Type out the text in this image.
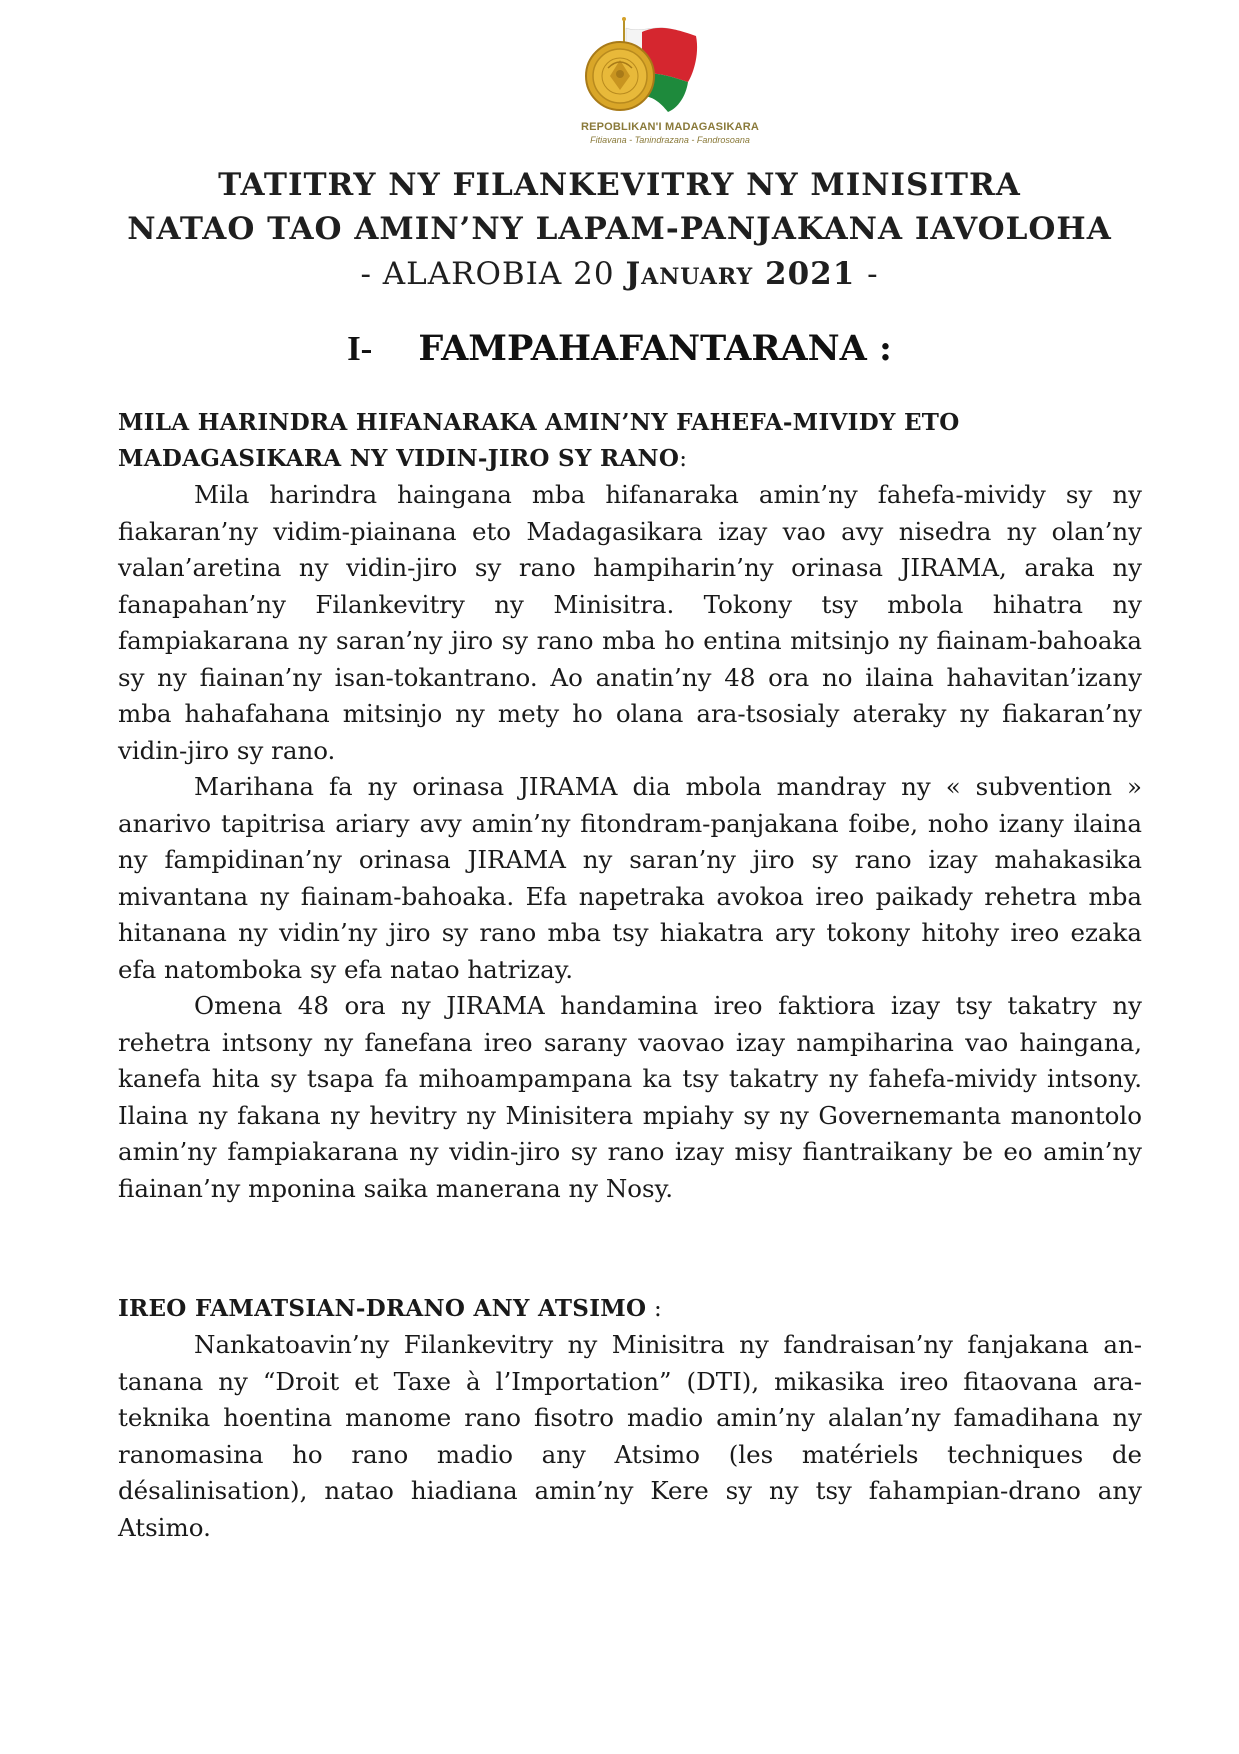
REPOBLIKAN'I MADAGASIKARA
Fitiavana - Tanindrazana - Fandrosoana
TATITRY NY FILANKEVITRY NY MINISITRA
NATAO TAO AMIN’NY LAPAM-PANJAKANA IAVOLOHA
- ALAROBIA 20 January 2021 -
I- FAMPAHAFANTARANA :

MILA HARINDRA HIFANARAKA AMIN’NY FAHEFA-MIVIDY ETO MADAGASIKARA NY VIDIN-JIRO SY RANO:

Mila harindra haingana mba hifanaraka amin’ny fahefa-mividy sy ny fiakaran’ny vidim-piainana eto Madagasikara izay vao avy nisedra ny olan’ny valan’aretina ny vidin-jiro sy rano hampiharin’ny orinasa JIRAMA, araka ny fanapahan’ny Filankevitry ny Minisitra. Tokony tsy mbola hihatra ny fampiakarana ny saran’ny jiro sy rano mba ho entina mitsinjo ny fiainam-bahoaka sy ny fiainan’ny isan-tokantrano. Ao anatin’ny 48 ora no ilaina hahavitan’izany mba hahafahana mitsinjo ny mety ho olana ara-tsosialy ateraky ny fiakaran’ny vidin-jiro sy rano.

Marihana fa ny orinasa JIRAMA dia mbola mandray ny « subvention » anarivo tapitrisa ariary avy amin’ny fitondram-panjakana foibe, noho izany ilaina ny fampidinan’ny orinasa JIRAMA ny saran’ny jiro sy rano izay mahakasika mivantana ny fiainam-bahoaka. Efa napetraka avokoa ireo paikady rehetra mba hitanana ny vidin’ny jiro sy rano mba tsy hiakatra ary tokony hitohy ireo ezaka efa natomboka sy efa natao hatrizay.

Omena 48 ora ny JIRAMA handamina ireo faktiora izay tsy takatry ny rehetra intsony ny fanefana ireo sarany vaovao izay nampiharina vao haingana, kanefa hita sy tsapa fa mihoampampana ka tsy takatry ny fahefa-mividy intsony. Ilaina ny fakana ny hevitry ny Minisitera mpiahy sy ny Governemanta manontolo amin’ny fampiakarana ny vidin-jiro sy rano izay misy fiantraikany be eo amin’ny fiainan’ny mponina saika manerana ny Nosy.

IREO FAMATSIAN-DRANO ANY ATSIMO :

Nankatoavin’ny Filankevitry ny Minisitra ny fandraisan’ny fanjakana an-tanana ny “Droit et Taxe à l’Importation” (DTI), mikasika ireo fitaovana ara-teknika hoentina manome rano fisotro madio amin’ny alalan’ny famadihana ny ranomasina ho rano madio any Atsimo (les matériels techniques de désalinisation), natao hiadiana amin’ny Kere sy ny tsy fahampian-drano any Atsimo.
